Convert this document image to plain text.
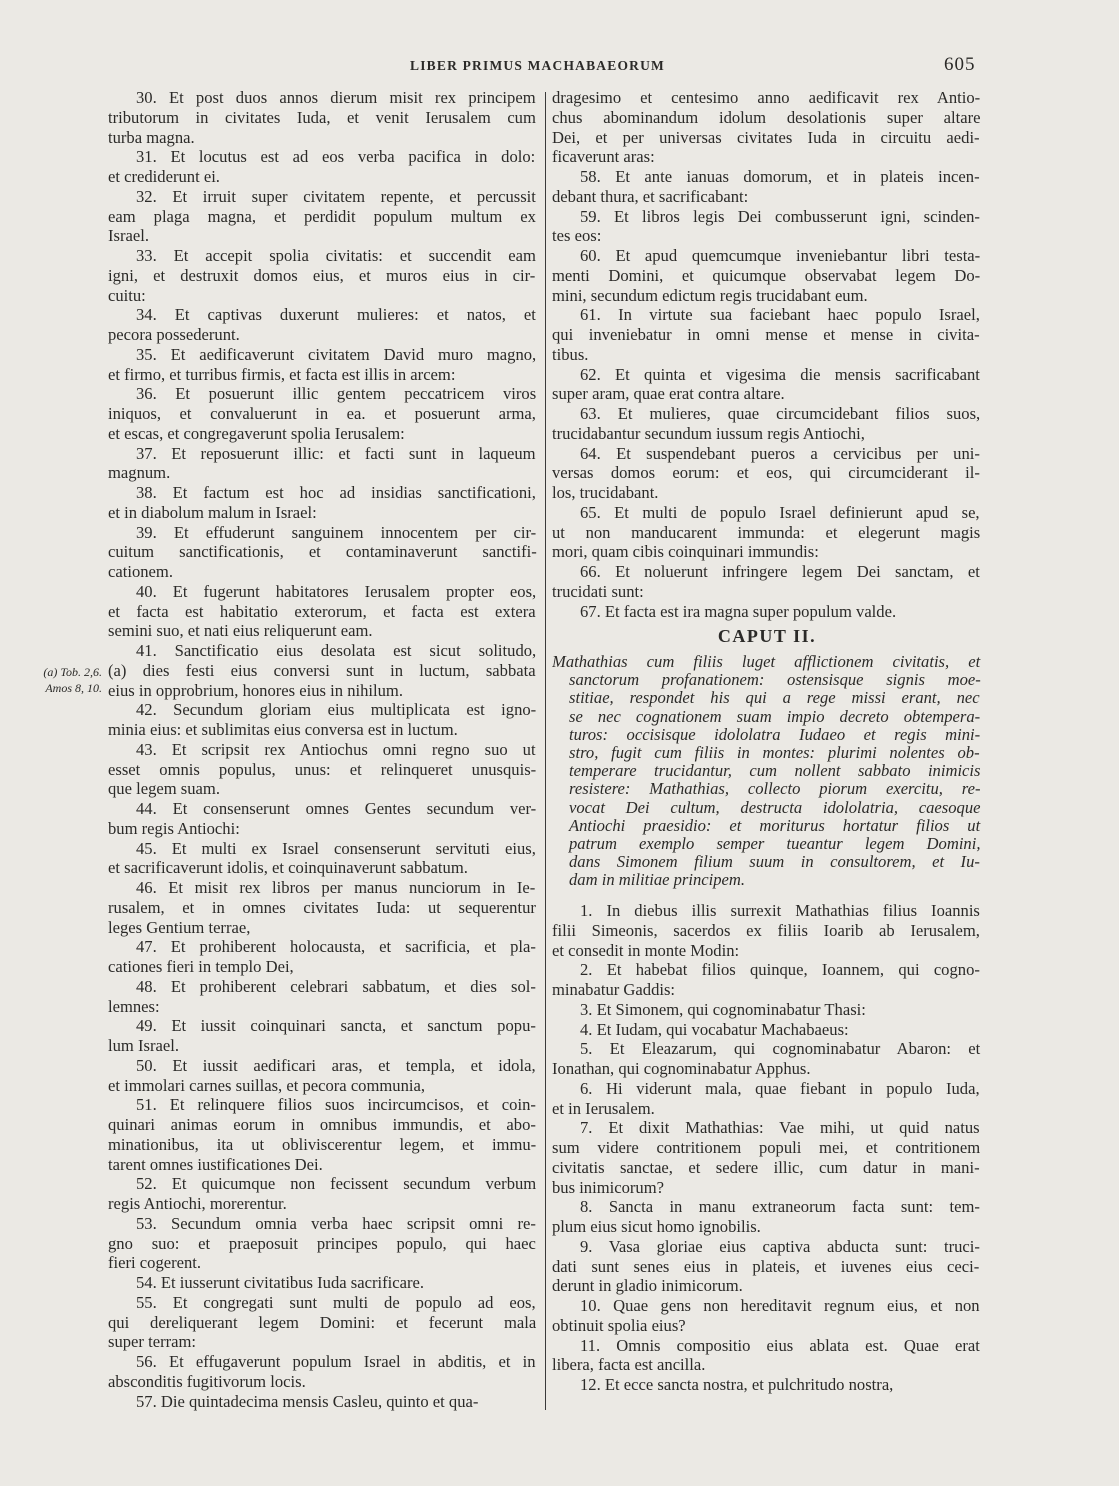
LIBER PRIMUS MACHABAEORUM	605
(a) Tob. 2,6.
Amos 8, 10.
30. Et post duos annos dierum misit rex principem
tributorum in civitates Iuda, et venit Ierusalem cum
turba magna.
31. Et locutus est ad eos verba pacifica in dolo:
et crediderunt ei.
32. Et irruit super civitatem repente, et percussit
eam plaga magna, et perdidit populum multum ex
Israel.
33. Et accepit spolia civitatis: et succendit eam
igni, et destruxit domos eius, et muros eius in cir-
cuitu:
34. Et captivas duxerunt mulieres: et natos, et
pecora possederunt.
35. Et aedificaverunt civitatem David muro magno,
et firmo, et turribus firmis, et facta est illis in arcem:
36. Et posuerunt illic gentem peccatricem viros
iniquos, et convaluerunt in ea. et posuerunt arma,
et escas, et congregaverunt spolia Ierusalem:
37. Et reposuerunt illic: et facti sunt in laqueum
magnum.
38. Et factum est hoc ad insidias sanctificationi,
et in diabolum malum in Israel:
39. Et effuderunt sanguinem innocentem per cir-
cuitum sanctificationis, et contaminaverunt sanctifi-
cationem.
40. Et fugerunt habitatores Ierusalem propter eos,
et facta est habitatio exterorum, et facta est extera
semini suo, et nati eius reliquerunt eam.
41. Sanctificatio eius desolata est sicut solitudo,
(a) dies festi eius conversi sunt in luctum, sabbata
eius in opprobrium, honores eius in nihilum.
42. Secundum gloriam eius multiplicata est igno-
minia eius: et sublimitas eius conversa est in luctum.
43. Et scripsit rex Antiochus omni regno suo ut
esset omnis populus, unus: et relinqueret unusquis-
que legem suam.
44. Et consenserunt omnes Gentes secundum ver-
bum regis Antiochi:
45. Et multi ex Israel consenserunt servituti eius,
et sacrificaverunt idolis, et coinquinaverunt sabbatum.
46. Et misit rex libros per manus nunciorum in Ie-
rusalem, et in omnes civitates Iuda: ut sequerentur
leges Gentium terrae,
47. Et prohiberent holocausta, et sacrificia, et pla-
cationes fieri in templo Dei,
48. Et prohiberent celebrari sabbatum, et dies sol-
lemnes:
49. Et iussit coinquinari sancta, et sanctum popu-
lum Israel.
50. Et iussit aedificari aras, et templa, et idola,
et immolari carnes suillas, et pecora communia,
51. Et relinquere filios suos incircumcisos, et coin-
quinari animas eorum in omnibus immundis, et abo-
minationibus, ita ut obliviscerentur legem, et immu-
tarent omnes iustificationes Dei.
52. Et quicumque non fecissent secundum verbum
regis Antiochi, morerentur.
53. Secundum omnia verba haec scripsit omni re-
gno suo: et praeposuit principes populo, qui haec
fieri cogerent.
54. Et iusserunt civitatibus Iuda sacrificare.
55. Et congregati sunt multi de populo ad eos,
qui dereliquerant legem Domini: et fecerunt mala
super terram:
56. Et effugaverunt populum Israel in abditis, et in
absconditis fugitivorum locis.
57. Die quintadecima mensis Casleu, quinto et qua-
dragesimo et centesimo anno aedificavit rex Antio-
chus abominandum idolum desolationis super altare
Dei, et per universas civitates Iuda in circuitu aedi-
ficaverunt aras:
58. Et ante ianuas domorum, et in plateis incen-
debant thura, et sacrificabant:
59. Et libros legis Dei combusserunt igni, scinden-
tes eos:
60. Et apud quemcumque inveniebantur libri testa-
menti Domini, et quicumque observabat legem Do-
mini, secundum edictum regis trucidabant eum.
61. In virtute sua faciebant haec populo Israel,
qui inveniebatur in omni mense et mense in civita-
tibus.
62. Et quinta et vigesima die mensis sacrificabant
super aram, quae erat contra altare.
63. Et mulieres, quae circumcidebant filios suos,
trucidabantur secundum iussum regis Antiochi,
64. Et suspendebant pueros a cervicibus per uni-
versas domos eorum: et eos, qui circumciderant il-
los, trucidabant.
65. Et multi de populo Israel definierunt apud se,
ut non manducarent immunda: et elegerunt magis
mori, quam cibis coinquinari immundis:
66. Et noluerunt infringere legem Dei sanctam, et
trucidati sunt:
67. Et facta est ira magna super populum valde.
CAPUT II.
Mathathias cum filiis luget afflictionem civitatis, et
sanctorum profanationem: ostensisque signis moe-
stitiae, respondet his qui a rege missi erant, nec
se nec cognationem suam impio decreto obtempera-
turos: occisisque idololatra Iudaeo et regis mini-
stro, fugit cum filiis in montes: plurimi nolentes ob-
temperare trucidantur, cum nollent sabbato inimicis
resistere: Mathathias, collecto piorum exercitu, re-
vocat Dei cultum, destructa idololatria, caesoque
Antiochi praesidio: et moriturus hortatur filios ut
patrum exemplo semper tueantur legem Domini,
dans Simonem filium suum in consultorem, et Iu-
dam in militiae principem.
1. In diebus illis surrexit Mathathias filius Ioannis
filii Simeonis, sacerdos ex filiis Ioarib ab Ierusalem,
et consedit in monte Modin:
2. Et habebat filios quinque, Ioannem, qui cogno-
minabatur Gaddis:
3. Et Simonem, qui cognominabatur Thasi:
4. Et Iudam, qui vocabatur Machabaeus:
5. Et Eleazarum, qui cognominabatur Abaron: et
Ionathan, qui cognominabatur Apphus.
6. Hi viderunt mala, quae fiebant in populo Iuda,
et in Ierusalem.
7. Et dixit Mathathias: Vae mihi, ut quid natus
sum videre contritionem populi mei, et contritionem
civitatis sanctae, et sedere illic, cum datur in mani-
bus inimicorum?
8. Sancta in manu extraneorum facta sunt: tem-
plum eius sicut homo ignobilis.
9. Vasa gloriae eius captiva abducta sunt: truci-
dati sunt senes eius in plateis, et iuvenes eius ceci-
derunt in gladio inimicorum.
10. Quae gens non hereditavit regnum eius, et non
obtinuit spolia eius?
11. Omnis compositio eius ablata est. Quae erat
libera, facta est ancilla.
12. Et ecce sancta nostra, et pulchritudo nostra,
